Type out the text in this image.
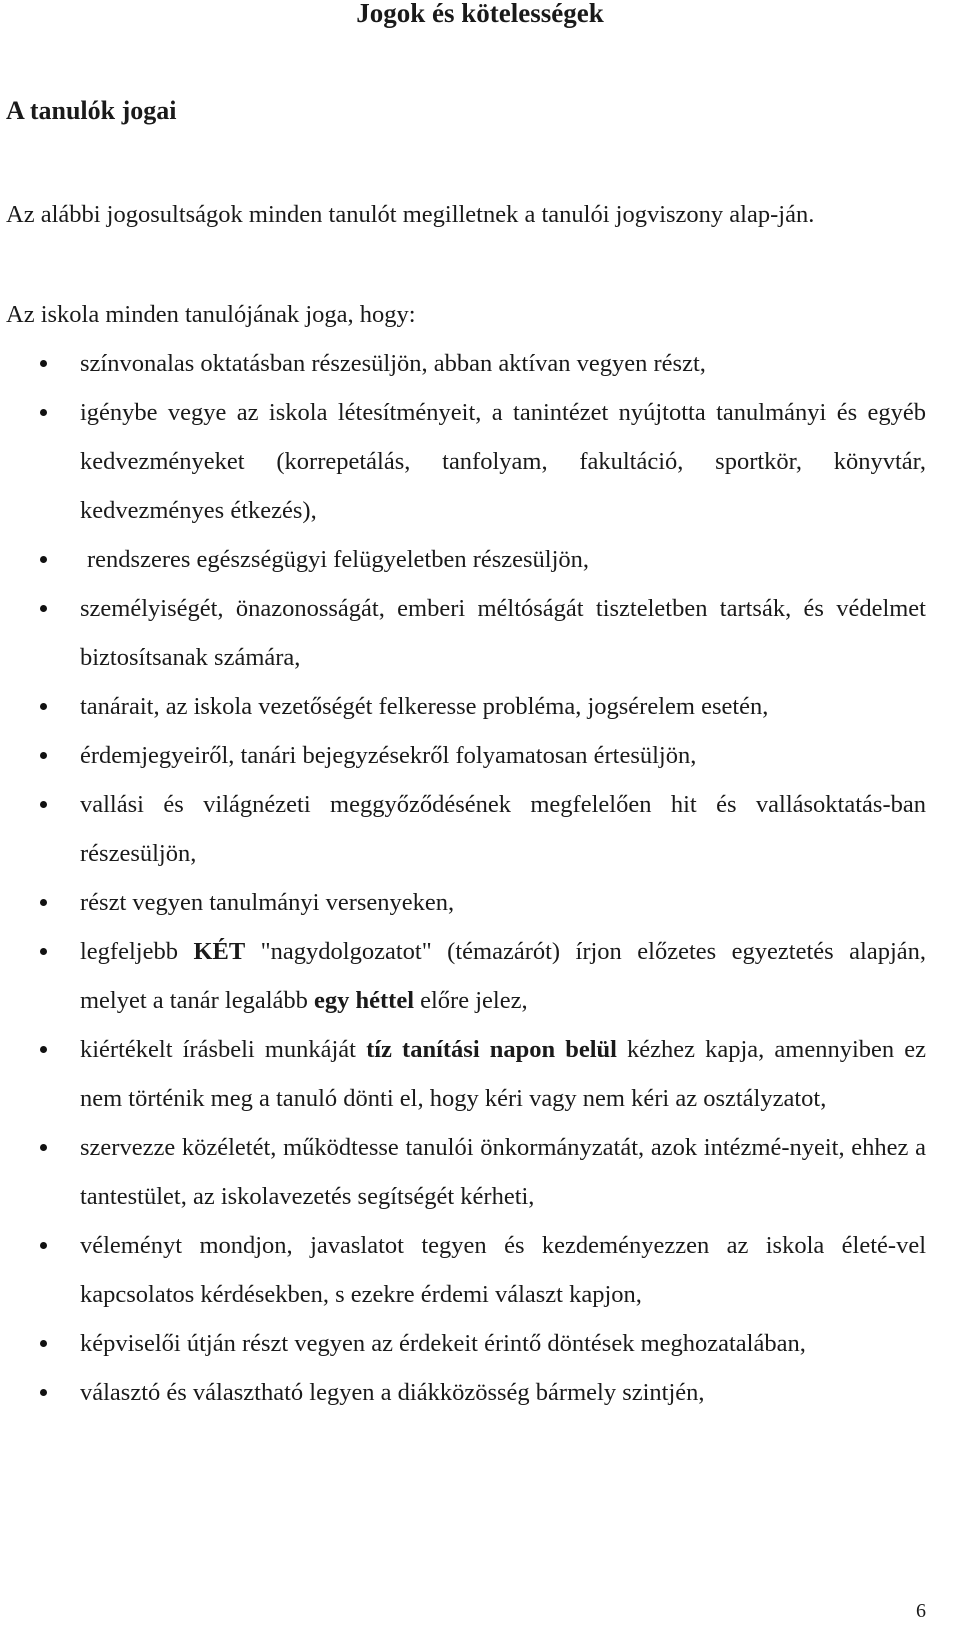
Jogok és kötelességek
A tanulók jogai

Az alábbi jogosultságok minden tanulót megilletnek a tanulói jogviszony alap-ján.

Az iskola minden tanulójának joga, hogy:

színvonalas oktatásban részesüljön, abban aktívan vegyen részt,
igénybe vegye az iskola létesítményeit, a tanintézet nyújtotta tanulmányi és egyéb kedvezményeket (korrepetálás, tanfolyam, fakultáció, sportkör, könyvtár, kedvezményes étkezés),
rendszeres egészségügyi felügyeletben részesüljön,
személyiségét, önazonosságát, emberi méltóságát tiszteletben tartsák, és védelmet biztosítsanak számára,
tanárait, az iskola vezetőségét felkeresse probléma, jogsérelem esetén,
érdemjegyeiről, tanári bejegyzésekről folyamatosan értesüljön,
vallási és világnézeti meggyőződésének megfelelően hit és vallásoktatás-ban részesüljön,
részt vegyen tanulmányi versenyeken,
legfeljebb KÉT "nagydolgozatot" (témazárót) írjon előzetes egyeztetés alapján, melyet a tanár legalább egy héttel előre jelez,
kiértékelt írásbeli munkáját tíz tanítási napon belül kézhez kapja, amennyiben ez nem történik meg a tanuló dönti el, hogy kéri vagy nem kéri az osztályzatot,
szervezze közéletét, működtesse tanulói önkormányzatát, azok intézmé-nyeit, ehhez a tantestület, az iskolavezetés segítségét kérheti,
véleményt mondjon, javaslatot tegyen és kezdeményezzen az iskola életé-vel kapcsolatos kérdésekben, s ezekre érdemi választ kapjon,
képviselői útján részt vegyen az érdekeit érintő döntések meghozatalában,
választó és választható legyen a diákközösség bármely szintjén,
6
